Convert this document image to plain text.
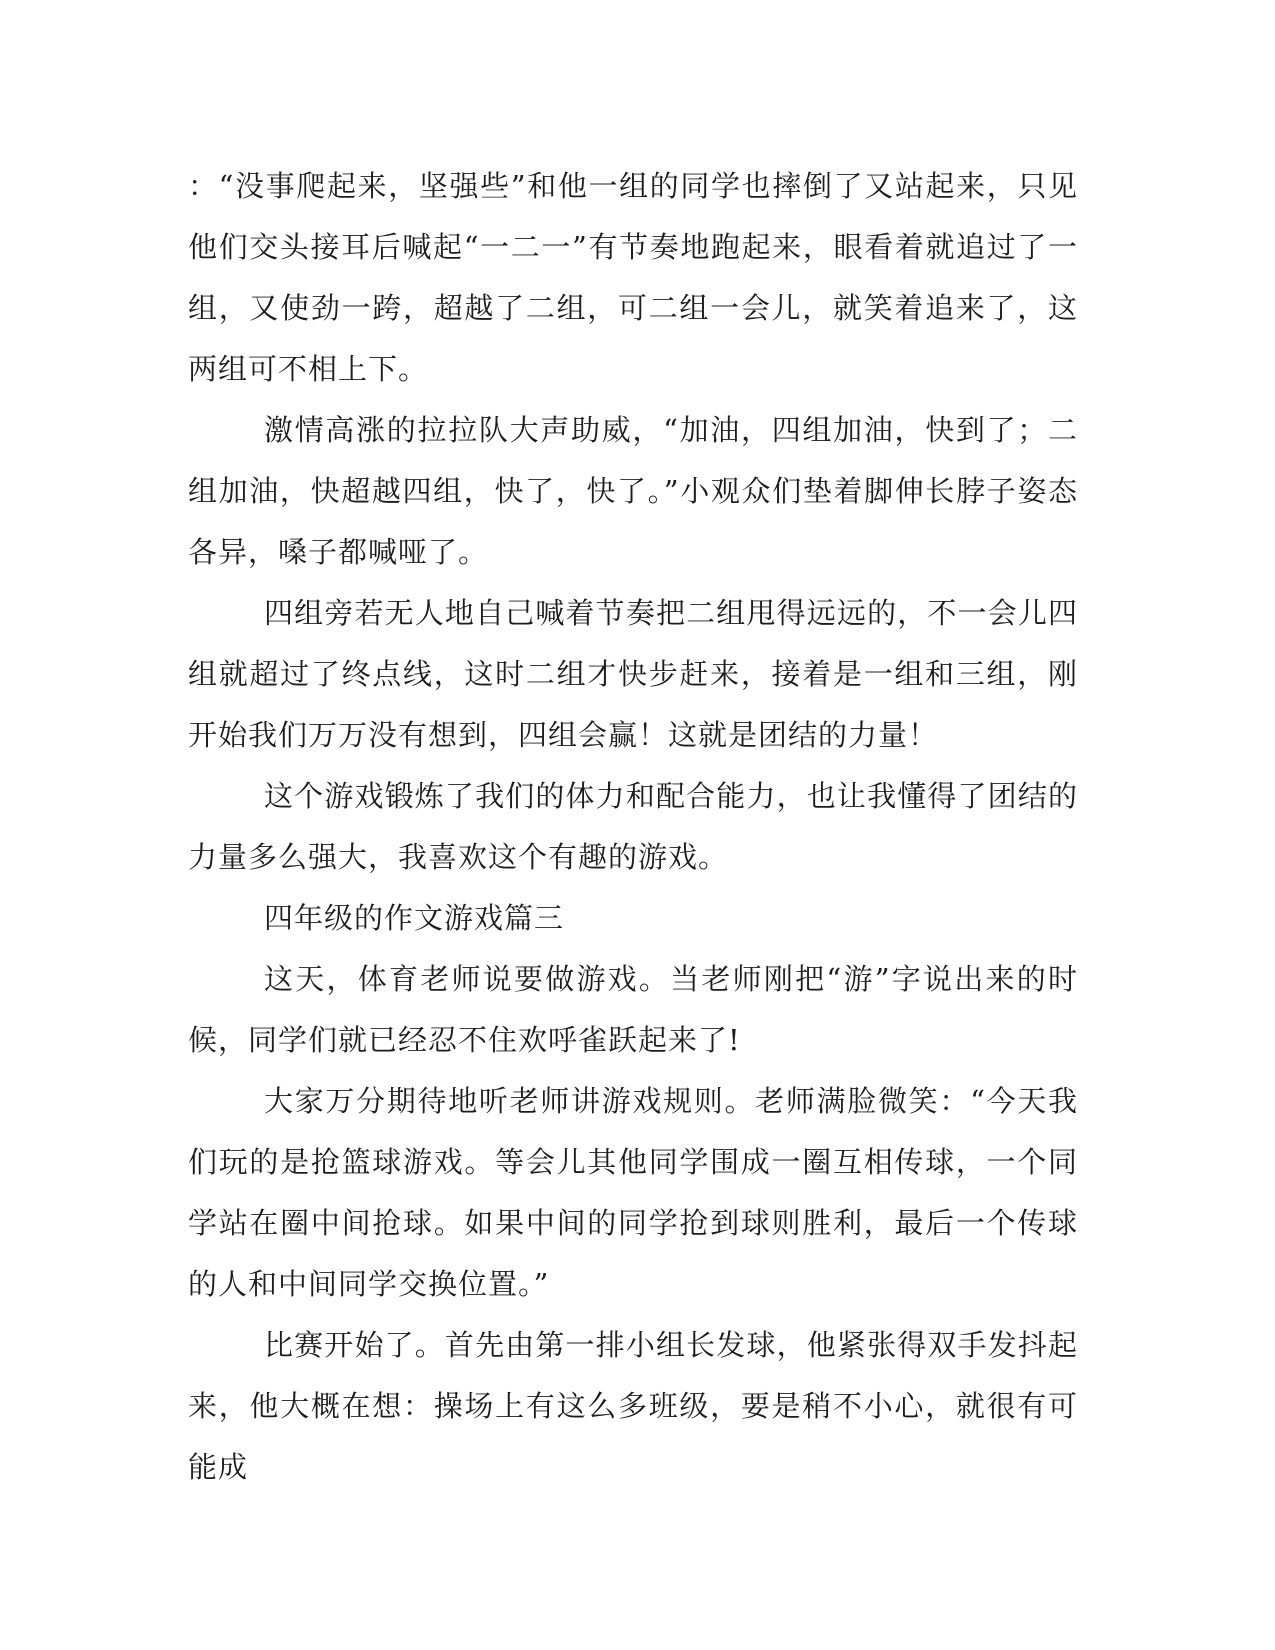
：“没事爬起来，坚强些”和他一组的同学也摔倒了又站起来，只见他们交头接耳后喊起“一二一”有节奏地跑起来，眼看着就追过了一组，又使劲一跨，超越了二组，可二组一会儿，就笑着追来了，这两组可不相上下。

激情高涨的拉拉队大声助威，“加油，四组加油，快到了；二组加油，快超越四组，快了，快了。”小观众们垫着脚伸长脖子姿态各异，嗓子都喊哑了。

四组旁若无人地自己喊着节奏把二组甩得远远的，不一会儿四组就超过了终点线，这时二组才快步赶来，接着是一组和三组，刚开始我们万万没有想到，四组会赢！这就是团结的力量！

这个游戏锻炼了我们的体力和配合能力，也让我懂得了团结的力量多么强大，我喜欢这个有趣的游戏。

四年级的作文游戏篇三

这天，体育老师说要做游戏。当老师刚把“游”字说出来的时候，同学们就已经忍不住欢呼雀跃起来了!

大家万分期待地听老师讲游戏规则。老师满脸微笑：“今天我们玩的是抢篮球游戏。等会儿其他同学围成一圈互相传球，一个同学站在圈中间抢球。如果中间的同学抢到球则胜利，最后一个传球的人和中间同学交换位置。”

比赛开始了。首先由第一排小组长发球，他紧张得双手发抖起来，他大概在想：操场上有这么多班级，要是稍不小心，就很有可能成
